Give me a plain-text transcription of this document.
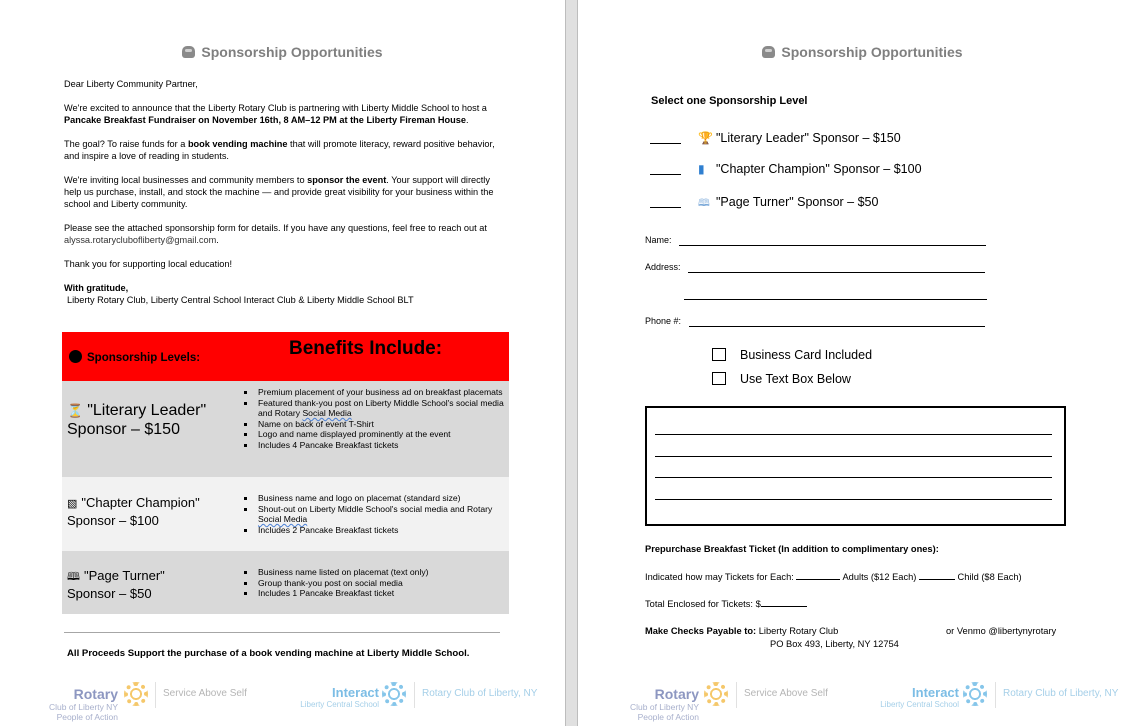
Sponsorship Opportunities

Dear Liberty Community Partner,

We're excited to announce that the Liberty Rotary Club is partnering with Liberty Middle School to host a Pancake Breakfast Fundraiser on November 16th, 8 AM–12 PM at the Liberty Fireman House.

The goal? To raise funds for a book vending machine that will promote literacy, reward positive behavior, and inspire a love of reading in students.

We're inviting local businesses and community members to sponsor the event. Your support will directly help us purchase, install, and stock the machine — and provide great visibility for your business within the school and Liberty community.

Please see the attached sponsorship form for details. If you have any questions, feel free to reach out at alyssa.rotaryclubofliberty@gmail.com.

Thank you for supporting local education!

With gratitude,
Liberty Rotary Club, Liberty Central School Interact Club & Liberty Middle School BLT

Sponsorship Levels:	Benefits Include:
⏳ "Literary Leader"
Sponsor – $150
▪ Premium placement of your business ad on breakfast placemats
▪ Featured thank-you post on Liberty Middle School's social media and Rotary Social Media
▪ Name on back of event T-Shirt
▪ Logo and name displayed prominently at the event
▪ Includes 4 Pancake Breakfast tickets
▧ "Chapter Champion"
Sponsor – $100
▪ Business name and logo on placemat (standard size)
▪ Shout-out on Liberty Middle School's social media and Rotary Social Media
▪ Includes 2 Pancake Breakfast tickets
🕮 "Page Turner"
Sponsor – $50
▪ Business name listed on placemat (text only)
▪ Group thank-you post on social media
▪ Includes 1 Pancake Breakfast ticket
All Proceeds Support the purchase of a book vending machine at Liberty Middle School.
Rotary
Club of Liberty NY
People of Action
Service Above Self	Interact
Liberty Central School
Rotary Club of Liberty, NY
Sponsorship Opportunities
Select one Sponsorship Level
🏆 "Literary Leader" Sponsor – $150
▮ "Chapter Champion" Sponsor – $100
🕮 "Page Turner" Sponsor – $50
Name:
Address:
Phone #:
Business Card Included
Use Text Box Below
Prepurchase Breakfast Ticket (In addition to complimentary ones):
Indicated how may Tickets for Each:	Adults ($12 Each)	Child ($8 Each)
Total Enclosed for Tickets: $
Make Checks Payable to: Liberty Rotary Club	or Venmo @libertynyrotary

PO Box 493, Liberty, NY 12754
Rotary
Club of Liberty NY
People of Action
Service Above Self	Interact
Liberty Central School
Rotary Club of Liberty, NY
